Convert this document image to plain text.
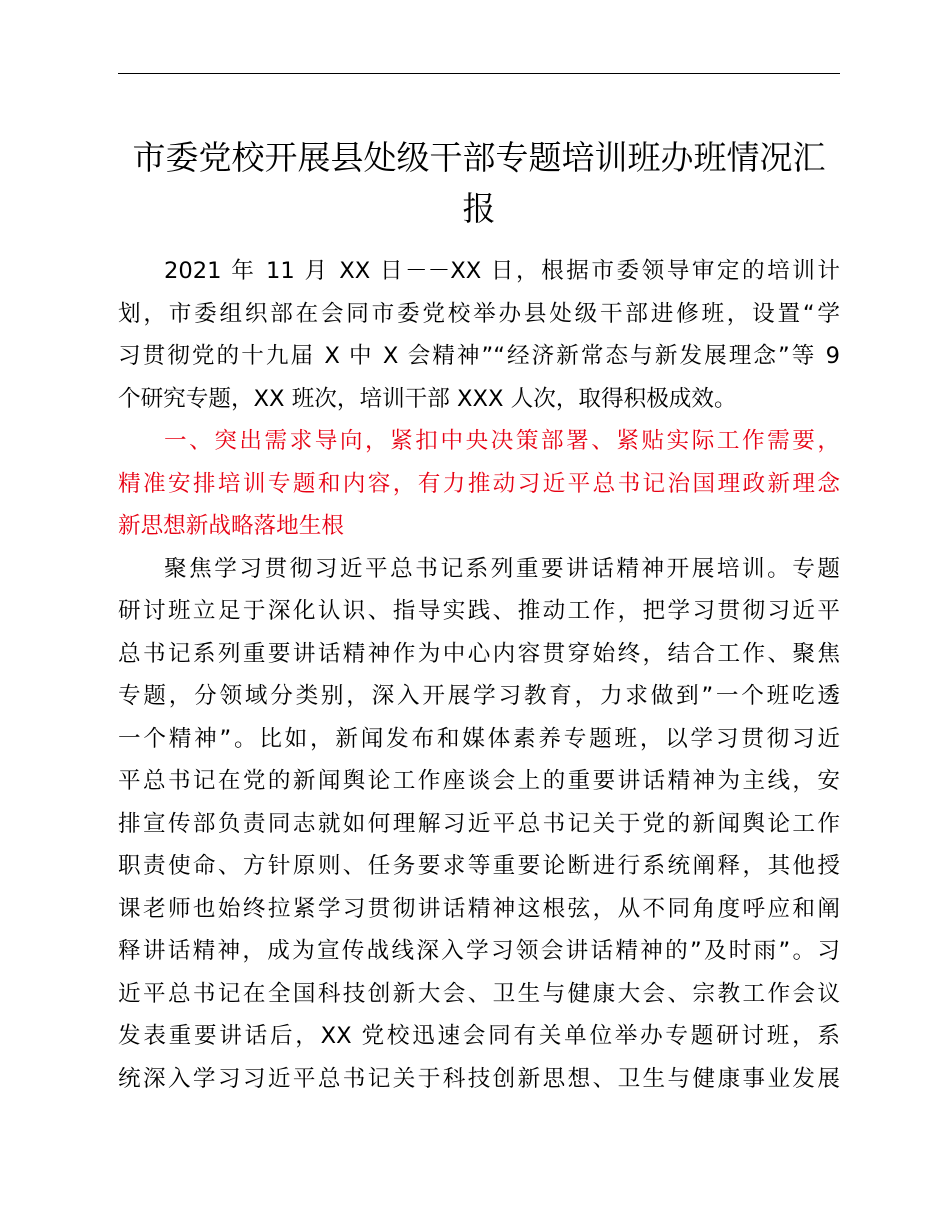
市委党校开展县处级干部专题培训班办班情况汇
报
2021 年 11 月 XX 日－－XX 日，根据市委领导审定的培训计
划，市委组织部在会同市委党校举办县处级干部进修班，设置“学
习贯彻党的十九届 X 中 X 会精神”“经济新常态与新发展理念”等 9
个研究专题，XX 班次，培训干部 XXX 人次，取得积极成效。
一、突出需求导向，紧扣中央决策部署、紧贴实际工作需要，
精准安排培训专题和内容，有力推动习近平总书记治国理政新理念
新思想新战略落地生根
聚焦学习贯彻习近平总书记系列重要讲话精神开展培训。专题
研讨班立足于深化认识、指导实践、推动工作，把学习贯彻习近平
总书记系列重要讲话精神作为中心内容贯穿始终，结合工作、聚焦
专题，分领域分类别，深入开展学习教育，力求做到”一个班吃透
一个精神”。比如，新闻发布和媒体素养专题班，以学习贯彻习近
平总书记在党的新闻舆论工作座谈会上的重要讲话精神为主线，安
排宣传部负责同志就如何理解习近平总书记关于党的新闻舆论工作
职责使命、方针原则、任务要求等重要论断进行系统阐释，其他授
课老师也始终拉紧学习贯彻讲话精神这根弦，从不同角度呼应和阐
释讲话精神，成为宣传战线深入学习领会讲话精神的”及时雨”。习
近平总书记在全国科技创新大会、卫生与健康大会、宗教工作会议
发表重要讲话后，XX 党校迅速会同有关单位举办专题研讨班，系
统深入学习习近平总书记关于科技创新思想、卫生与健康事业发展
